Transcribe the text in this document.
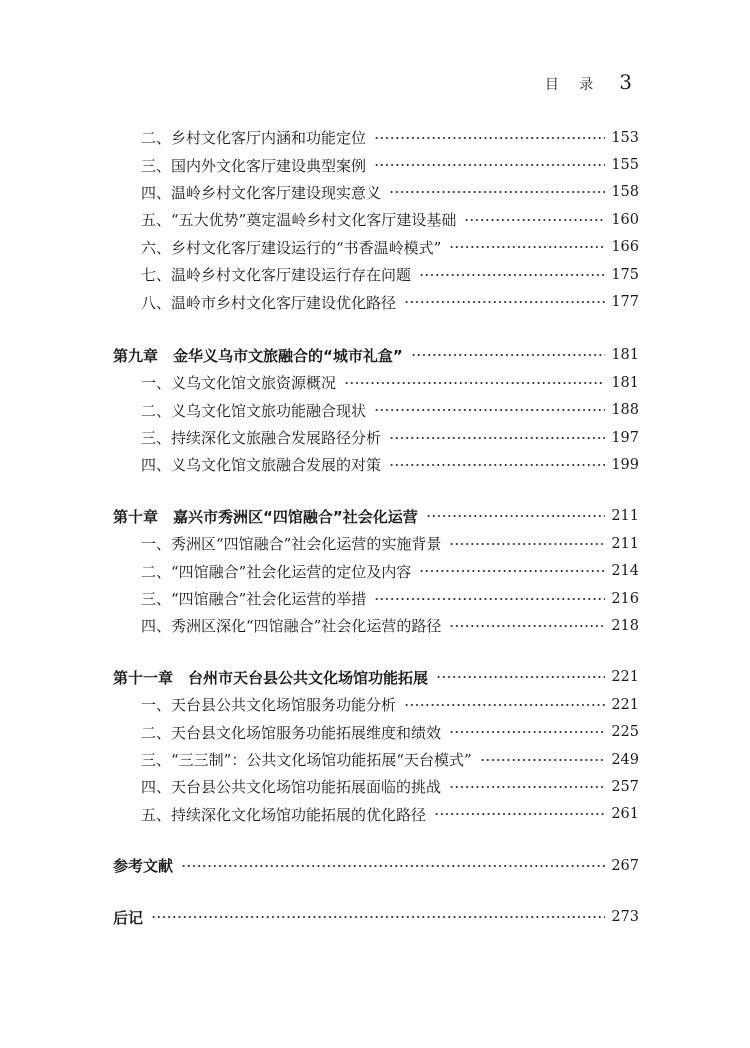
目 录 3
二、乡村文化客厅内涵和功能定位	153
三、国内外文化客厅建设典型案例	155
四、温岭乡村文化客厅建设现实意义	158
五、“五大优势”奠定温岭乡村文化客厅建设基础	160
六、乡村文化客厅建设运行的“书香温岭模式”	166
七、温岭乡村文化客厅建设运行存在问题	175
八、温岭市乡村文化客厅建设优化路径	177
第九章　金华义乌市文旅融合的“城市礼盒”	181
一、义乌文化馆文旅资源概况	181
二、义乌文化馆文旅功能融合现状	188
三、持续深化文旅融合发展路径分析	197
四、义乌文化馆文旅融合发展的对策	199
第十章　嘉兴市秀洲区“四馆融合”社会化运营	211
一、秀洲区“四馆融合”社会化运营的实施背景	211
二、“四馆融合”社会化运营的定位及内容	214
三、“四馆融合”社会化运营的举措	216
四、秀洲区深化“四馆融合”社会化运营的路径	218
第十一章　台州市天台县公共文化场馆功能拓展	221
一、天台县公共文化场馆服务功能分析	221
二、天台县文化场馆服务功能拓展维度和绩效	225
三、“三三制”：公共文化场馆功能拓展“天台模式”	249
四、天台县公共文化场馆功能拓展面临的挑战	257
五、持续深化文化场馆功能拓展的优化路径	261
参考文献	267
后记	273
